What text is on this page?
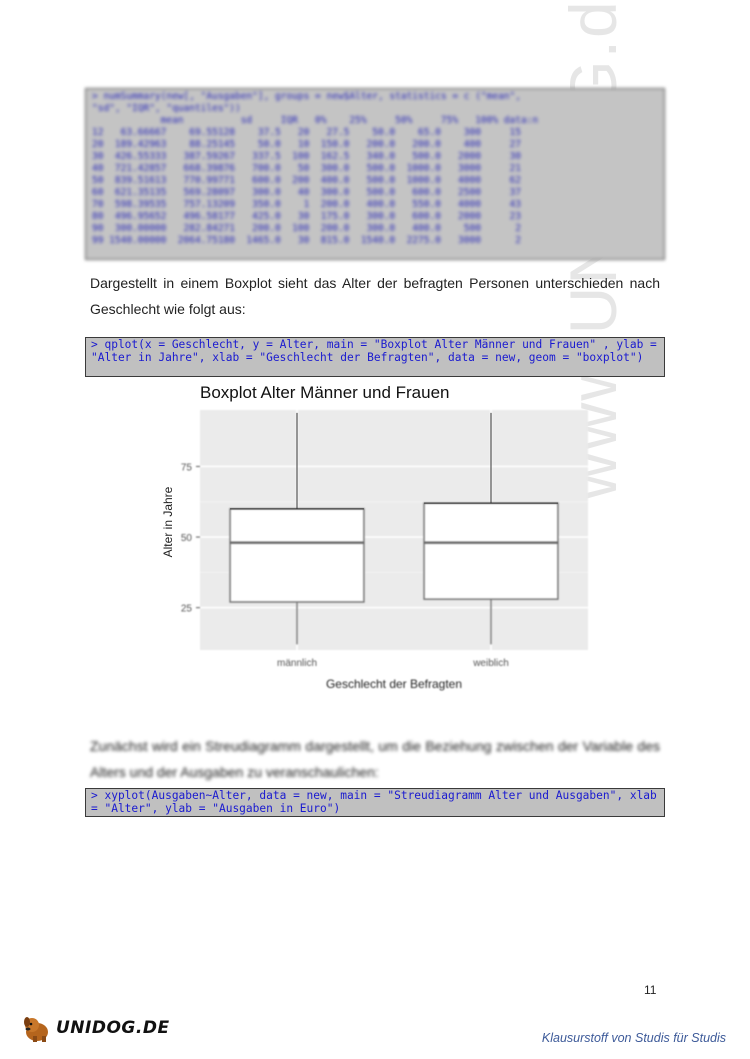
> numSummary(new[, "Ausgaben"], groups = new$Alter, statistics = c ("mean",
"sd", "IQR", "quantiles"))
mean          sd     IQR   0%    25%     50%     75%   100% data:n
12   63.66667    69.55128    37.5   20   27.5    50.0    65.0    300     15
20  189.42963    88.25145    50.0   10  150.0   200.0   200.0    400     27
30  426.55333   387.59267   337.5  100  162.5   340.0   500.0   2000     30
40  721.42857   668.39876   700.0   50  300.0   500.0  1000.0   3000     21
50  839.51613   770.99771   600.0  200  400.0   500.0  1000.0   4000     62
60  621.35135   569.28097   300.0   40  300.0   500.0   600.0   2500     37
70  598.39535   757.13209   350.0    1  200.0   400.0   550.0   4000     43
80  496.95652   496.58177   425.0   30  175.0   300.0   600.0   2000     23
90  300.00000   282.84271   200.0  100  200.0   300.0   400.0    500      2
99 1540.00000  2064.75180  1465.0   30  815.0  1540.0  2275.0   3000      2
Dargestellt in einem Boxplot sieht das Alter der befragten Personen unterschieden nach Geschlecht wie folgt aus:
> qplot(x = Geschlecht, y = Alter, main = "Boxplot Alter Männer und Frauen" , ylab = "Alter in Jahre", xlab = "Geschlecht der Befragten", data = new, geom = "boxplot")
Boxplot Alter Männer und Frauen
25
50
75
männlich	weiblich
Geschlecht der Befragten
Alter in Jahre
Zunächst wird ein Streudiagramm dargestellt, um die Beziehung zwischen der Variable des Alters und der Ausgaben zu veranschaulichen:
> xyplot(Ausgaben~Alter, data = new, main = "Streudiagramm Alter und Ausgaben", xlab = "Alter", ylab = "Ausgaben in Euro")
11
UNIDOG.DE	Klausurstoff von Studis für Studis
